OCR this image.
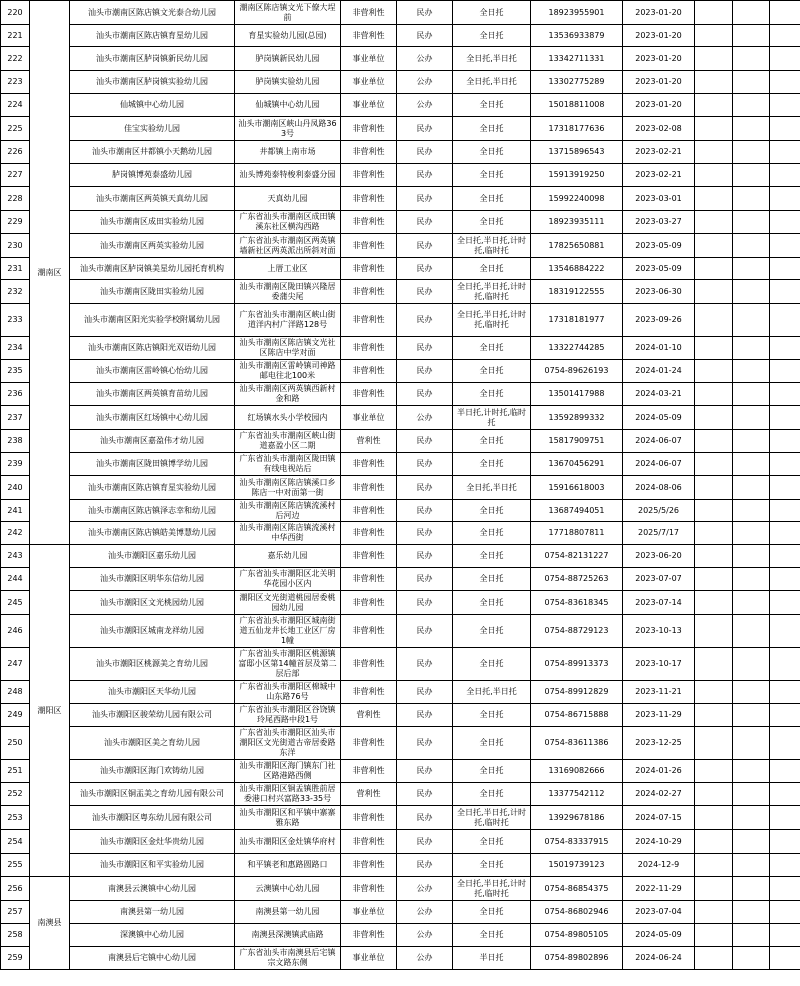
220	潮南区	汕头市潮南区陈店镇文光泰合幼儿园	潮南区陈店镇文光下僚大埕前	非营利性	民办	全日托	18923955901	2023-01-20			
221		汕头市潮南区陈店镇育星幼儿园	育星实验幼儿园(总园)	非营利性	民办	全日托	13536933879	2023-01-20			
222		汕头市潮南区胪岗镇新民幼儿园	胪岗镇新民幼儿园	事业单位	公办	全日托,半日托	13342711331	2023-01-20			
223		汕头市潮南区胪岗镇实验幼儿园	胪岗镇实验幼儿园	事业单位	公办	全日托,半日托	13302775289	2023-01-20			
224		仙城镇中心幼儿园	仙城镇中心幼儿园	事业单位	公办	全日托	15018811008	2023-01-20			
225		佳宝实验幼儿园	汕头市潮南区峡山丹凤路363号	非营利性	民办	全日托	17318177636	2023-02-08			
226		汕头市潮南区井都镇小天鹅幼儿园	井都镇上南市场	非营利性	民办	全日托	13715896543	2023-02-21			
227		胪岗镇博苑泰盛幼儿园	汕头博苑泰特梭利泰盛分园	非营利性	民办	全日托	15913919250	2023-02-21			
228		汕头市潮南区两英镇天真幼儿园	天真幼儿园	非营利性	民办	全日托	15992240098	2023-03-01			
229		汕头市潮南区成田实验幼儿园	广东省汕头市潮南区成田镇溪东社区横沟西路	非营利性	民办	全日托	18923935111	2023-03-27			
230		汕头市潮南区两英实验幼儿园	广东省汕头市潮南区两英镇墙新社区两英派出所斜对面	非营利性	民办	全日托,半日托,计时托,临时托	17825650881	2023-05-09			
231		汕头市潮南区胪岗镇美星幼儿园托育机构	上厝工业区	非营利性	民办	全日托	13546884222	2023-05-09			
232		汕头市潮南区陇田实验幼儿园	汕头市潮南区陇田镇兴隆居委蒲尖尾	非营利性	民办	全日托,半日托,计时托,临时托	18319122555	2023-06-30			
233		汕头市潮南区阳光实验学校附属幼儿园	广东省汕头市潮南区峡山街道洋内村广洋路128号	非营利性	民办	全日托,半日托,计时托,临时托	17318181977	2023-09-26			
234		汕头市潮南区陈店镇阳光双语幼儿园	汕头市潮南区陈店镇文光社区陈店中学对面	非营利性	民办	全日托	13322744285	2024-01-10			
235		汕头市潮南区雷岭镇心怡幼儿园	汕头市潮南区雷岭镇司神路邮电往北100米	非营利性	民办	全日托	0754-89626193	2024-01-24			
236		汕头市潮南区两英镇育苗幼儿园	汕头市潮南区两英镇西新村金和路	非营利性	民办	全日托	13501417988	2024-03-21			
237		汕头市潮南区红场镇中心幼儿园	红场镇水头小学校园内	事业单位	公办	半日托,计时托,临时托	13592899332	2024-05-09			
238		汕头市潮南区嘉盈伟才幼儿园	广东省汕头市潮南区峡山街道嘉盈小区二期	营利性	民办	全日托	15817909751	2024-06-07			
239		汕头市潮南区陇田镇博学幼儿园	广东省汕头市潮南区陇田镇有线电视站后	非营利性	民办	全日托	13670456291	2024-06-07			
240		汕头市潮南区陈店镇育星实验幼儿园	汕头市潮南区陈店镇溪口乡陈店一中对面第一街	非营利性	民办	全日托,半日托	15916618003	2024-08-06			
241		汕头市潮南区陈店镇泽志幸和幼儿园	汕头市潮南区陈店镇流溪村后河边	非营利性	民办	全日托	13687494051	2025/5/26			
242		汕头市潮南区陈店镇皓美博慧幼儿园	汕头市潮南区陈店镇流溪村中华西街	非营利性	民办	全日托	17718807811	2025/7/17			
243	潮阳区	汕头市潮阳区嘉乐幼儿园	嘉乐幼儿园	非营利性	民办	全日托	0754-82131227	2023-06-20			
244		汕头市潮阳区明华东信幼儿园	广东省汕头市潮阳区北关明华花园小区内	非营利性	民办	全日托	0754-88725263	2023-07-07			
245		汕头市潮阳区文光桃园幼儿园	潮阳区文光街道桃园居委桃园幼儿园	非营利性	民办	全日托	0754-83618345	2023-07-14			
246		汕头市潮阳区城南龙祥幼儿园	广东省汕头市潮阳区城南街道五仙龙井长地工业区厂房1幢	非营利性	民办	全日托	0754-88729123	2023-10-13			
247		汕头市潮阳区桃源美之育幼儿园	广东省汕头市潮阳区桃源镇富邸小区第14幢首层及第二层后部	非营利性	民办	全日托	0754-89913373	2023-10-17			
248		汕头市潮阳区天华幼儿园	广东省汕头市潮阳区棉城中山东路76号	非营利性	民办	全日托,半日托	0754-89912829	2023-11-21			
249		汕头市潮阳区骏荣幼儿园有限公司	广东省汕头市潮阳区谷饶镇玲尾西路中段1号	营利性	民办	全日托	0754-86715888	2023-11-29			
250		汕头市潮阳区美之育幼儿园	广东省汕头市潮阳区汕头市潮阳区文光街道古帝居委路东洋	非营利性	民办	全日托	0754-83611386	2023-12-25			
251		汕头市潮阳区海门欢铸幼儿园	汕头市潮阳区海门镇东门社区路港路西侧	非营利性	民办	全日托	13169082666	2024-01-26			
252		汕头市潮阳区铜盂美之育幼儿园有限公司	汕头市潮阳区铜盂镇胜前居委港口村兴富路33-35号	营利性	民办	全日托	13377542112	2024-02-27			
253		汕头市潮阳区粤东幼儿园有限公司	汕头市潮阳区和平镇中寨寨雅东路	非营利性	民办	全日托,半日托,计时托,临时托	13929678186	2024-07-15			
254		汕头市潮阳区金灶华贵幼儿园	汕头市潮阳区金灶镇华府村	非营利性	民办	全日托	0754-83337915	2024-10-29			
255		汕头市潮阳区和平实验幼儿园	和平镇老和惠路圆路口	非营利性	民办	全日托	15019739123	2024-12-9			
256	南澳县	南澳县云澳镇中心幼儿园	云澳镇中心幼儿园	非营利性	公办	全日托,半日托,计时托,临时托	0754-86854375	2022-11-29			
257		南澳县第一幼儿园	南澳县第一幼儿园	事业单位	公办	全日托	0754-86802946	2023-07-04			
258		深澳镇中心幼儿园	南澳县深澳镇武庙路	非营利性	公办	全日托	0754-89805105	2024-05-09			
259		南澳县后宅镇中心幼儿园	广东省汕头市南澳县后宅镇宗文路东侧	事业单位	公办	半日托	0754-89802896	2024-06-24			
